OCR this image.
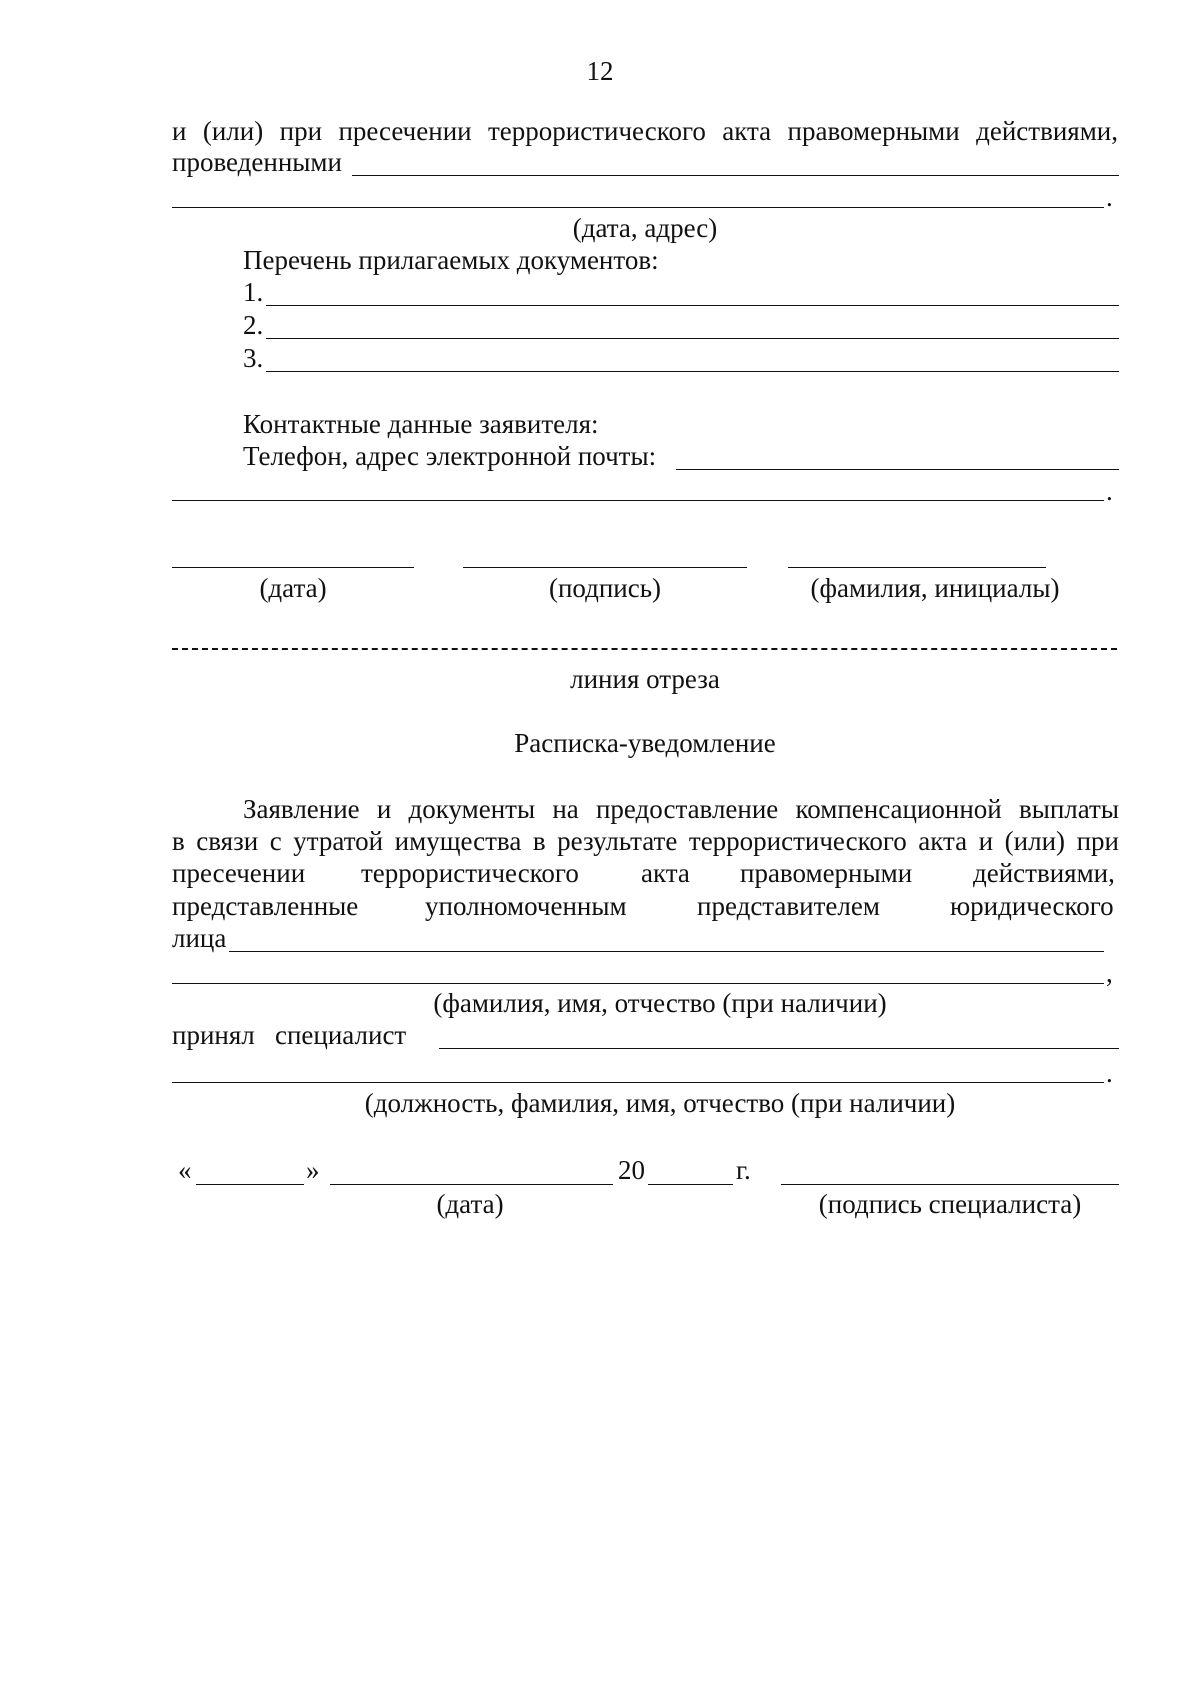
12
и (или) при пресечении террористического акта правомерными действиями,
проведенными
.
(дата, адрес)
Перечень прилагаемых документов:
1.
2.
3.
Контактные данные заявителя:
Телефон, адрес электронной почты:
.
(дата)	(подпись)	(фамилия, инициалы)
линия отреза
Расписка-уведомление
Заявление и документы на предоставление компенсационной выплаты
в связи с утратой имущества в результате террористического акта и (или) при
пресечении террористического акта правомерными действиями,
представленные уполномоченным	представителем	юридического
лица
,
(фамилия, имя, отчество (при наличии)
принял   специалист
.
(должность, фамилия, имя, отчество (при наличии)
«	»	20	г.
(дата)	(подпись специалиста)
